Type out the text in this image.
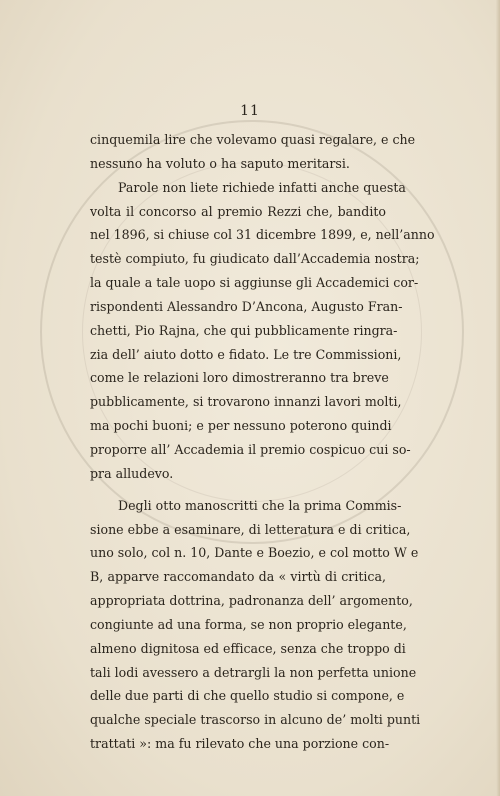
11
cinquemila lire che volevamo quasi regalare, e che
nessuno ha voluto o ha saputo meritarsi.
Parole non liete richiede infatti anche questa
volta il concorso al premio Rezzi che, bandito
nel 1896, si chiuse col 31 dicembre 1899, e, nell’anno
testè compiuto, fu giudicato dall’Accademia nostra;
la quale a tale uopo si aggiunse gli Accademici cor-
rispondenti Alessandro D’Ancona, Augusto Fran-
chetti, Pio Rajna, che qui pubblicamente ringra-
zia dell’ aiuto dotto e fidato. Le tre Commissioni,
come le relazioni loro dimostreranno tra breve
pubblicamente, si trovarono innanzi lavori molti,
ma pochi buoni; e per nessuno poterono quindi
proporre all’ Accademia il premio cospicuo cui so-
pra alludevo.
Degli otto manoscritti che la prima Commis-
sione ebbe a esaminare, di letteratura e di critica,
uno solo, col n. 10, Dante e Boezio, e col motto W e
B, apparve raccomandato da « virtù di critica,
appropriata dottrina, padronanza dell’ argomento,
congiunte ad una forma, se non proprio elegante,
almeno dignitosa ed efficace, senza che troppo di
tali lodi avessero a detrargli la non perfetta unione
delle due parti di che quello studio si compone, e
qualche speciale trascorso in alcuno de’ molti punti
trattati »: ma fu rilevato che una porzione con-
